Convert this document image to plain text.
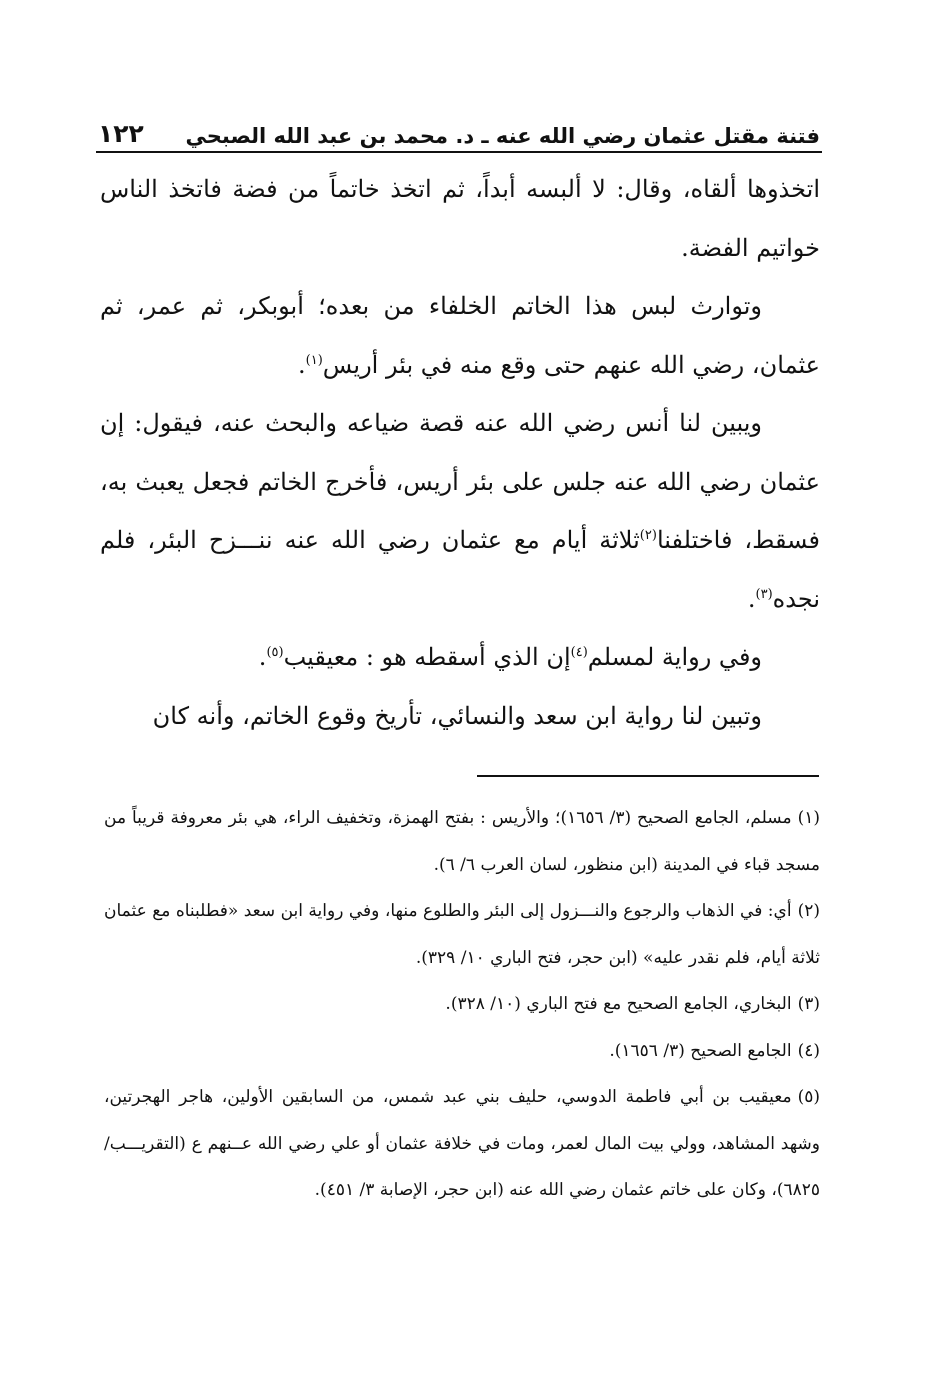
فتنة مقتل عثمان رضي الله عنه ـ د. محمد بن عبد الله الصبحي
١٢٢

اتخذوها ألقاه، وقال: لا ألبسه أبداً، ثم اتخذ خاتماً من فضة فاتخذ الناس خواتيم الفضة.

وتوارث لبس هذا الخاتم الخلفاء من بعده؛ أبوبكر، ثم عمر، ثم عثمان، رضي الله عنهم حتى وقع منه في بئر أريس$^{(١)}$.

ويبين لنا أنس رضي الله عنه قصة ضياعه والبحث عنه، فيقول: إن عثمان رضي الله عنه جلس على بئر أريس، فأخرج الخاتم فجعل يعبث به، فسقط، فاختلفنا$^{(٢)}$ثلاثة أيام مع عثمان رضي الله عنه ننـــزح البئر، فلم نجده$^{(٣)}$.

وفي رواية لمسلم$^{(٤)}$إن الذي أسقطه هو : معيقيب$^{(٥)}$.

وتبين لنا رواية ابن سعد والنسائي، تأريخ وقوع الخاتم، وأنه كان

(١)مسلم، الجامع الصحيح (٣/ ١٦٥٦)؛ والأريس : بفتح الهمزة، وتخفيف الراء، هي بئر معروفة قريباً من مسجد قباء في المدينة (ابن منظور، لسان العرب ٦/ ٦).

(٢)أي: في الذهاب والرجوع والنـــزول إلى البئر والطلوع منها، وفي رواية ابن سعد «فطلبناه مع عثمان ثلاثة أيام، فلم نقدر عليه» (ابن حجر، فتح الباري ١٠/ ٣٢٩).

(٣)البخاري، الجامع الصحيح مع فتح الباري (١٠/ ٣٢٨).

(٤)الجامع الصحيح (٣/ ١٦٥٦).

(٥)معيقيب بن أبي فاطمة الدوسي، حليف بني عبد شمس، من السابقين الأولين، هاجر الهجرتين، وشهد المشاهد، وولي بيت المال لعمر، ومات في خلافة عثمان أو علي رضي الله عــنهم ع (التقريـــب/٦٨٢٥)، وكان على خاتم عثمان رضي الله عنه (ابن حجر، الإصابة ٣/ ٤٥١).
